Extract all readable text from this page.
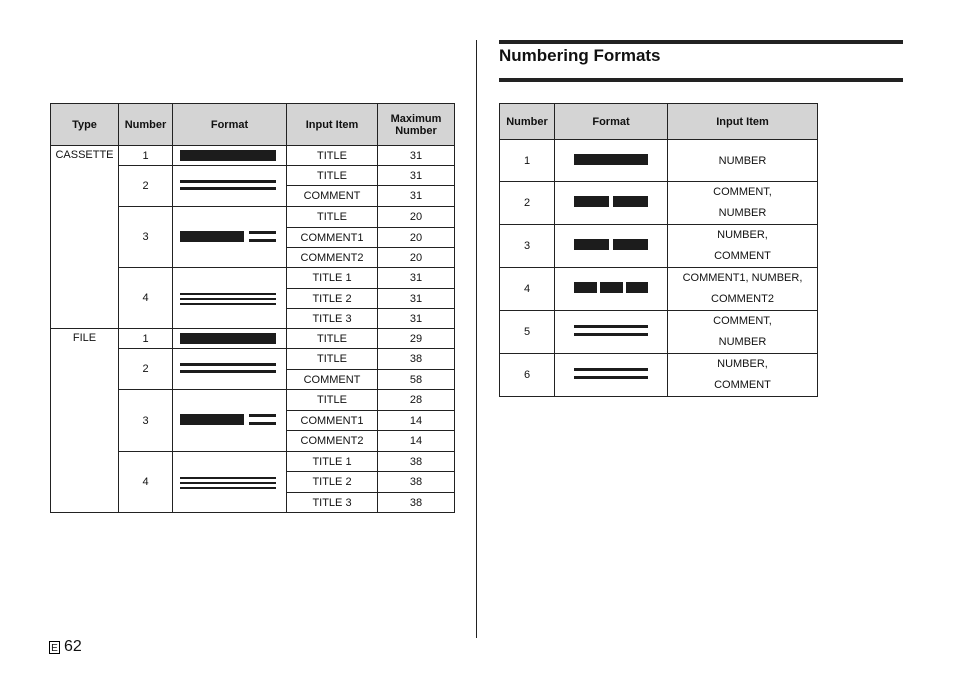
Type	Number	Format	Input Item	Maximum Number
CASSETTE	1		TITLE	31
	2		TITLE	31
			COMMENT	31
	3		TITLE	20
			COMMENT1	20
			COMMENT2	20
	4		TITLE 1	31
			TITLE 2	31
			TITLE 3	31
FILE	1		TITLE	29
	2		TITLE	38
			COMMENT	58
	3		TITLE	28
			COMMENT1	14
			COMMENT2	14
	4		TITLE 1	38
			TITLE 2	38
			TITLE 3	38
Numbering Formats
Number	Format	Input Item
1		NUMBER

2		COMMENT,
NUMBER

3		NUMBER,
COMMENT

4		COMMENT1, NUMBER,
COMMENT2

5		COMMENT,
NUMBER

6		NUMBER,
COMMENT
E 62
